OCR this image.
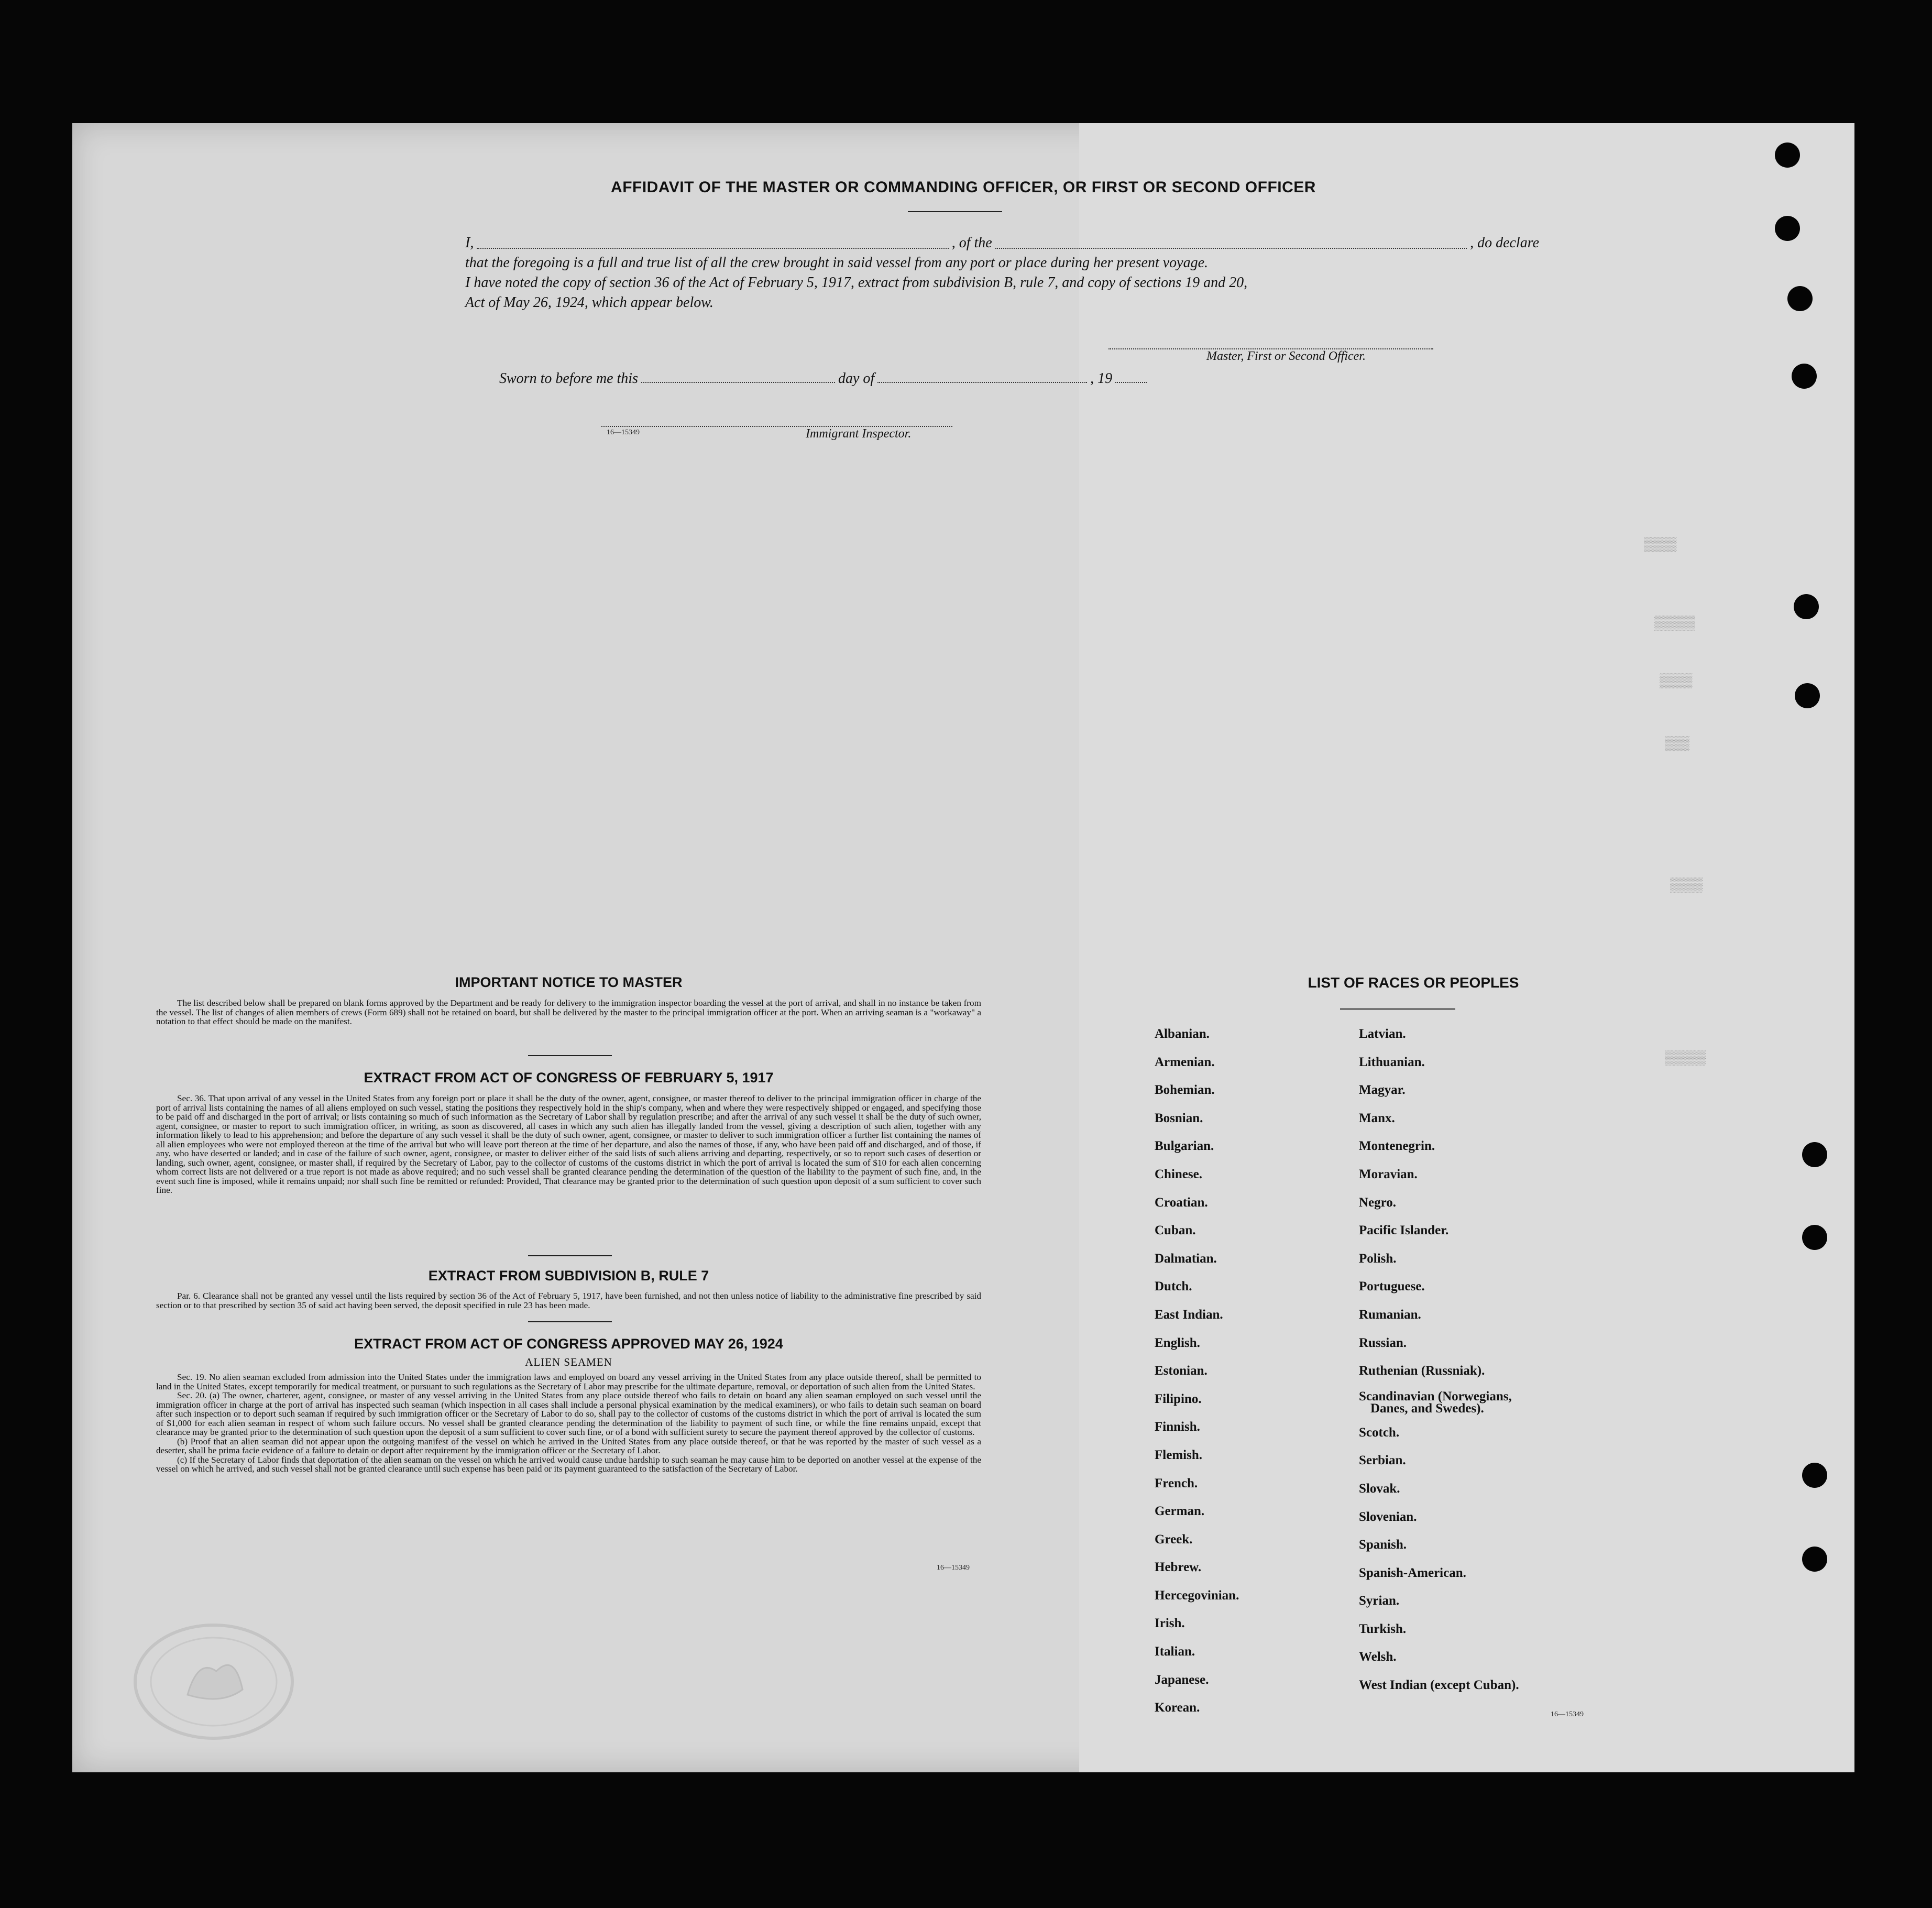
▒▒▒▒
▒▒▒▒▒
▒▒▒▒
▒▒▒
▒▒▒▒
▒▒▒▒▒
AFFIDAVIT OF THE MASTER OR COMMANDING OFFICER, OR FIRST OR SECOND OFFICER
I,	, of the	, do declare
that the foregoing is a full and true list of all the crew brought in said vessel from any port or place during her present voyage.
I have noted the copy of section 36 of the Act of February 5, 1917, extract from subdivision B, rule 7, and copy of sections 19 and 20,
Act of May 26, 1924, which appear below.
Master, First or Second Officer.
Sworn to before me this	day of	, 19
16—15349	Immigrant Inspector.
IMPORTANT NOTICE TO MASTER

The list described below shall be prepared on blank forms approved by the Department and be ready for delivery to the immigration inspector boarding the vessel at the port of arrival, and shall in no instance be taken from the vessel. The list of changes of alien members of crews (Form 689) shall not be retained on board, but shall be delivered by the master to the principal immigration officer at the port. When an arriving seaman is a "workaway" a notation to that effect should be made on the manifest.

EXTRACT FROM ACT OF CONGRESS OF FEBRUARY 5, 1917

Sec. 36. That upon arrival of any vessel in the United States from any foreign port or place it shall be the duty of the owner, agent, consignee, or master thereof to deliver to the principal immigration officer in charge of the port of arrival lists containing the names of all aliens employed on such vessel, stating the positions they respectively hold in the ship's company, when and where they were respectively shipped or engaged, and specifying those to be paid off and discharged in the port of arrival; or lists containing so much of such information as the Secretary of Labor shall by regulation prescribe; and after the arrival of any such vessel it shall be the duty of such owner, agent, consignee, or master to report to such immigration officer, in writing, as soon as discovered, all cases in which any such alien has illegally landed from the vessel, giving a description of such alien, together with any information likely to lead to his apprehension; and before the departure of any such vessel it shall be the duty of such owner, agent, consignee, or master to deliver to such immigration officer a further list containing the names of all alien employees who were not employed thereon at the time of the arrival but who will leave port thereon at the time of her departure, and also the names of those, if any, who have been paid off and discharged, and of those, if any, who have deserted or landed; and in case of the failure of such owner, agent, consignee, or master to deliver either of the said lists of such aliens arriving and departing, respectively, or so to report such cases of desertion or landing, such owner, agent, consignee, or master shall, if required by the Secretary of Labor, pay to the collector of customs of the customs district in which the port of arrival is located the sum of $10 for each alien concerning whom correct lists are not delivered or a true report is not made as above required; and no such vessel shall be granted clearance pending the determination of the question of the liability to the payment of such fine, and, in the event such fine is imposed, while it remains unpaid; nor shall such fine be remitted or refunded: Provided, That clearance may be granted prior to the determination of such question upon deposit of a sum sufficient to cover such fine.

EXTRACT FROM SUBDIVISION B, RULE 7

Par. 6. Clearance shall not be granted any vessel until the lists required by section 36 of the Act of February 5, 1917, have been furnished, and not then unless notice of liability to the administrative fine prescribed by said section or to that prescribed by section 35 of said act having been served, the deposit specified in rule 23 has been made.

EXTRACT FROM ACT OF CONGRESS APPROVED MAY 26, 1924
ALIEN SEAMEN

Sec. 19. No alien seaman excluded from admission into the United States under the immigration laws and employed on board any vessel arriving in the United States from any place outside thereof, shall be permitted to land in the United States, except temporarily for medical treatment, or pursuant to such regulations as the Secretary of Labor may prescribe for the ultimate departure, removal, or deportation of such alien from the United States.

Sec. 20. (a) The owner, charterer, agent, consignee, or master of any vessel arriving in the United States from any place outside thereof who fails to detain on board any alien seaman employed on such vessel until the immigration officer in charge at the port of arrival has inspected such seaman (which inspection in all cases shall include a personal physical examination by the medical examiners), or who fails to detain such seaman on board after such inspection or to deport such seaman if required by such immigration officer or the Secretary of Labor to do so, shall pay to the collector of customs of the customs district in which the port of arrival is located the sum of $1,000 for each alien seaman in respect of whom such failure occurs. No vessel shall be granted clearance pending the determination of the liability to payment of such fine, or while the fine remains unpaid, except that clearance may be granted prior to the determination of such question upon the deposit of a sum sufficient to cover such fine, or of a bond with sufficient surety to secure the payment thereof approved by the collector of customs.

(b) Proof that an alien seaman did not appear upon the outgoing manifest of the vessel on which he arrived in the United States from any place outside thereof, or that he was reported by the master of such vessel as a deserter, shall be prima facie evidence of a failure to detain or deport after requirement by the immigration officer or the Secretary of Labor.

(c) If the Secretary of Labor finds that deportation of the alien seaman on the vessel on which he arrived would cause undue hardship to such seaman he may cause him to be deported on another vessel at the expense of the vessel on which he arrived, and such vessel shall not be granted clearance until such expense has been paid or its payment guaranteed to the satisfaction of the Secretary of Labor.

16—15349
LIST OF RACES OR PEOPLES
Albanian.
Armenian.
Bohemian.
Bosnian.
Bulgarian.
Chinese.
Croatian.
Cuban.
Dalmatian.
Dutch.
East Indian.
English.
Estonian.
Filipino.
Finnish.
Flemish.
French.
German.
Greek.
Hebrew.
Hercegovinian.
Irish.
Italian.
Japanese.
Korean.
Latvian.
Lithuanian.
Magyar.
Manx.
Montenegrin.
Moravian.
Negro.
Pacific Islander.
Polish.
Portuguese.
Rumanian.
Russian.
Ruthenian (Russniak).
Scandinavian (Norwegians,
Danes, and Swedes).
Scotch.
Serbian.
Slovak.
Slovenian.
Spanish.
Spanish-American.
Syrian.
Turkish.
Welsh.
West Indian (except Cuban).
16—15349
